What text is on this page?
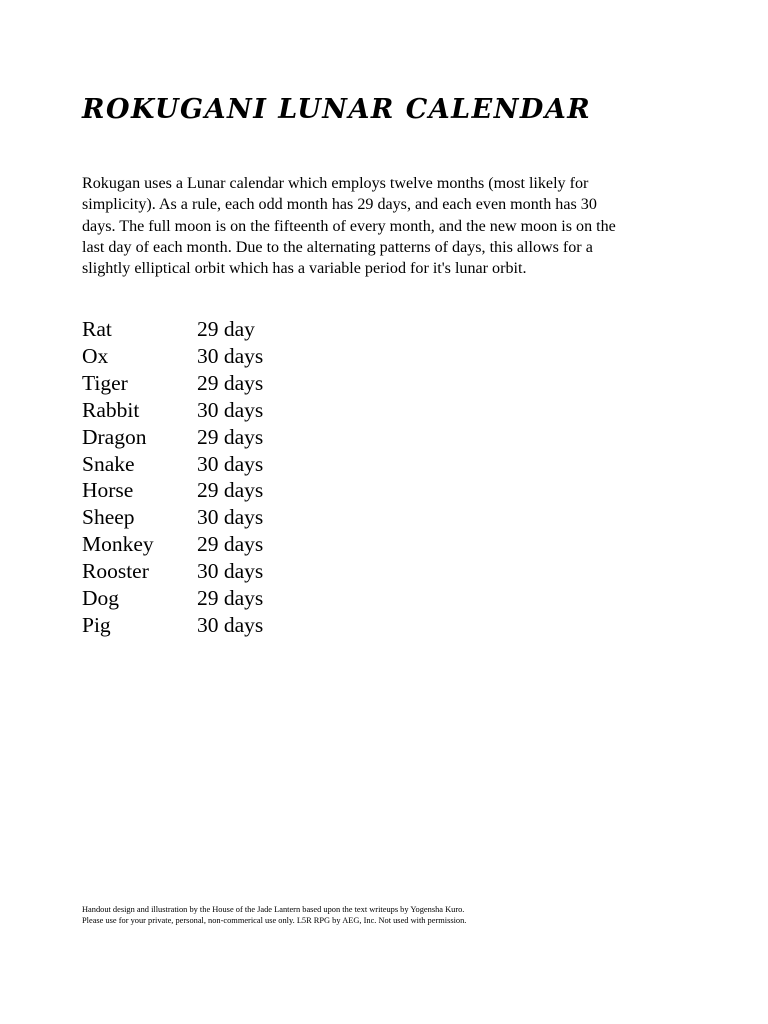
ROKUGANI LUNAR CALENDAR

Rokugan uses a Lunar calendar which employs twelve months (most likely for
simplicity). As a rule, each odd month has 29 days, and each even month has 30
days. The full moon is on the fifteenth of every month, and the new moon is on the
last day of each month. Due to the alternating patterns of days, this allows for a
slightly elliptical orbit which has a variable period for it's lunar orbit.

Rat	29 day
Ox	30 days
Tiger	29 days
Rabbit	30 days
Dragon	29 days
Snake	30 days
Horse	29 days
Sheep	30 days
Monkey	29 days
Rooster	30 days
Dog	29 days
Pig	30 days

Handout design and illustration by the House of the Jade Lantern based upon the text writeups by Yogensha Kuro.
Please use for your private, personal, non-commerical use only. L5R RPG by AEG, Inc. Not used with permission.
